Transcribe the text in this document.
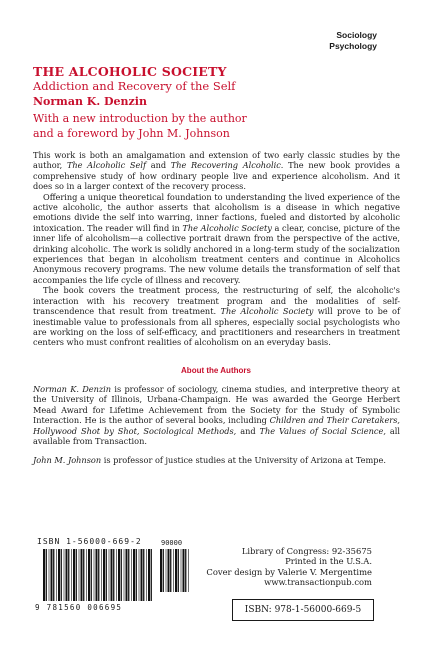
Sociology
Psychology
THE ALCOHOLIC SOCIETY
Addiction and Recovery of the Self
Norman K. Denzin
With a new introduction by the author
and a foreword by John M. Johnson

This work is both an amalgamation and extension of two early classic studies by the author, The Alcoholic Self and The Recovering Alcoholic. The new book provides a comprehensive study of how ordinary people live and experience alcoholism. And it does so in a larger context of the recovery process.

Offering a unique theoretical foundation to understanding the lived experience of the active alcoholic, the author asserts that alcoholism is a disease in which negative emotions divide the self into warring, inner factions, fueled and distorted by alcoholic intoxication. The reader will find in The Alcoholic Society a clear, concise, picture of the inner life of alcoholism—a collective portrait drawn from the perspective of the active, drinking alcoholic. The work is solidly anchored in a long-term study of the socialization experiences that began in alcoholism treatment centers and continue in Alcoholics Anonymous recovery programs. The new volume details the transformation of self that accompanies the life cycle of illness and recovery.

The book covers the treatment process, the restructuring of self, the alcoholic's interaction with his recovery treatment program and the modalities of self-transcendence that result from treatment. The Alcoholic Society will prove to be of inestimable value to professionals from all spheres, especially social psychologists who are working on the loss of self-efficacy, and practitioners and researchers in treatment centers who must confront realities of alcoholism on an everyday basis.

About the Authors

Norman K. Denzin is professor of sociology, cinema studies, and interpretive theory at the University of Illinois, Urbana-Champaign. He was awarded the George Herbert Mead Award for Lifetime Achievement from the Society for the Study of Symbolic Interaction. He is the author of several books, including Children and Their Caretakers, Hollywood Shot by Shot, Sociological Methods, and The Values of Social Science, all available from Transaction.

John M. Johnson is professor of justice studies at the University of Arizona at Tempe.

ISBN 1-56000-669-2	90000
9 781560 006695
Library of Congress: 92-35675
Printed in the U.S.A.
Cover design by Valerie V. Mergentime
www.transactionpub.com
ISBN: 978-1-56000-669-5
